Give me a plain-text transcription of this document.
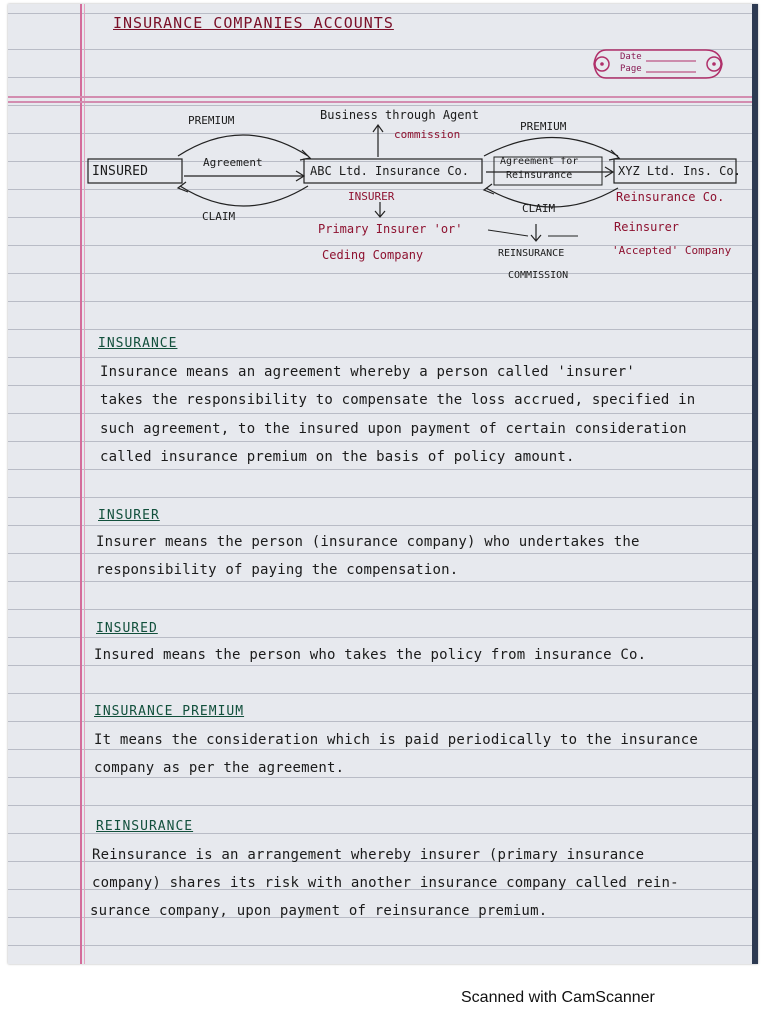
INSURANCE COMPANIES ACCOUNTS
Date
Page
PREMIUM
Agreement
INSURED
CLAIM
Business through Agent
commission
ABC Ltd. Insurance Co.
INSURER
Primary Insurer 'or'
Ceding Company
PREMIUM
Agreement for
Reinsurance	XYZ Ltd. Ins. Co.
Reinsurance Co.
CLAIM
Reinsurer
'Accepted' Company
REINSURANCE
COMMISSION
INSURANCE
Insurance means an agreement whereby a person called 'insurer'
takes the responsibility to compensate the loss accrued, specified in
such agreement, to the insured upon payment of certain consideration
called insurance premium on the basis of policy amount.
INSURER
Insurer means the person (insurance company) who undertakes the
responsibility of paying the compensation.
INSURED
Insured means the person who takes the policy from insurance Co.
INSURANCE PREMIUM
It means the consideration which is paid periodically to the insurance
company as per the agreement.
REINSURANCE
Reinsurance is an arrangement whereby insurer (primary insurance
company) shares its risk with another insurance company called rein-
surance company, upon payment of reinsurance premium.
Scanned with CamScanner
